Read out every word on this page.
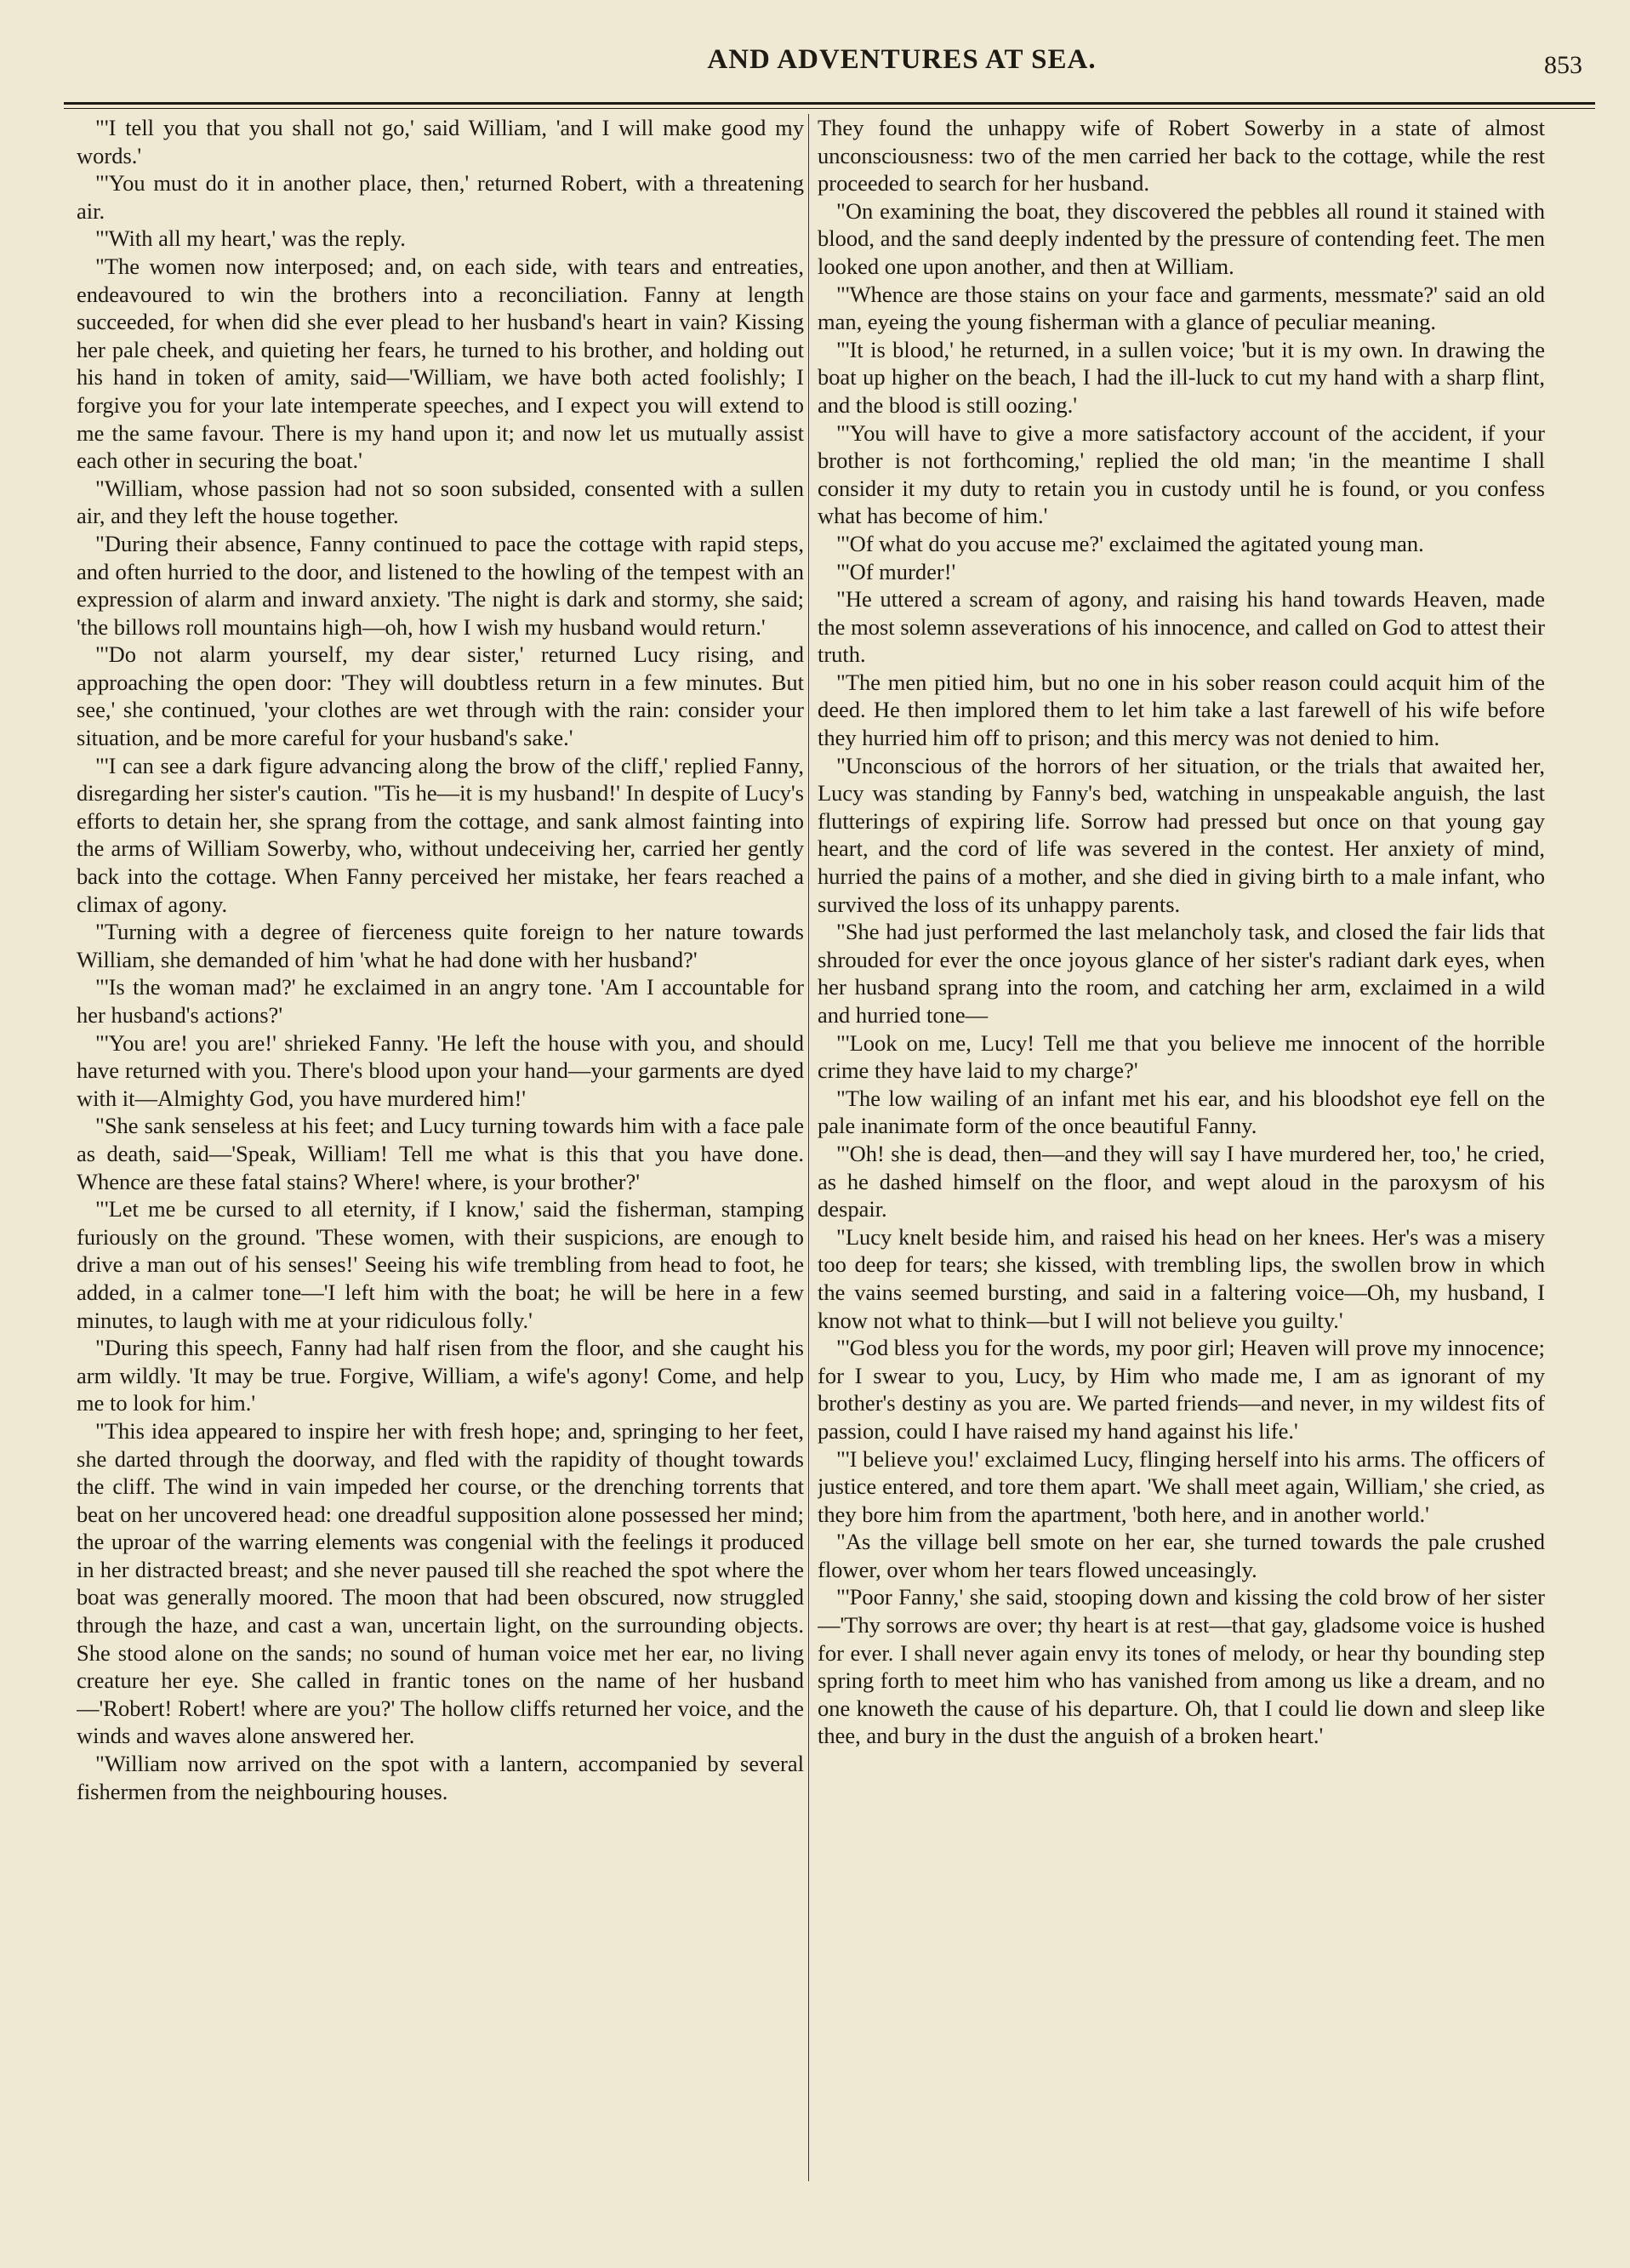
AND ADVENTURES AT SEA.	853

"'I tell you that you shall not go,' said William, 'and I will make good my words.'

"'You must do it in another place, then,' returned Robert, with a threatening air.

"'With all my heart,' was the reply.

"The women now interposed; and, on each side, with tears and entreaties, endeavoured to win the brothers into a reconciliation. Fanny at length succeeded, for when did she ever plead to her husband's heart in vain? Kissing her pale cheek, and quieting her fears, he turned to his brother, and holding out his hand in token of amity, said—'William, we have both acted foolishly; I forgive you for your late intemperate speeches, and I expect you will extend to me the same favour. There is my hand upon it; and now let us mutually assist each other in securing the boat.'

"William, whose passion had not so soon subsided, consented with a sullen air, and they left the house together.

"During their absence, Fanny continued to pace the cottage with rapid steps, and often hurried to the door, and listened to the howling of the tempest with an expression of alarm and inward anxiety. 'The night is dark and stormy, she said; 'the billows roll mountains high—oh, how I wish my husband would return.'

"'Do not alarm yourself, my dear sister,' returned Lucy rising, and approaching the open door: 'They will doubtless return in a few minutes. But see,' she continued, 'your clothes are wet through with the rain: consider your situation, and be more careful for your husband's sake.'

"'I can see a dark figure advancing along the brow of the cliff,' replied Fanny, disregarding her sister's caution. ''Tis he—it is my husband!' In despite of Lucy's efforts to detain her, she sprang from the cottage, and sank almost fainting into the arms of William Sowerby, who, without undeceiving her, carried her gently back into the cottage. When Fanny perceived her mistake, her fears reached a climax of agony.

"Turning with a degree of fierceness quite foreign to her nature towards William, she demanded of him 'what he had done with her husband?'

"'Is the woman mad?' he exclaimed in an angry tone. 'Am I accountable for her husband's actions?'

"'You are! you are!' shrieked Fanny. 'He left the house with you, and should have returned with you. There's blood upon your hand—your garments are dyed with it—Almighty God, you have murdered him!'

"She sank senseless at his feet; and Lucy turning towards him with a face pale as death, said—'Speak, William! Tell me what is this that you have done. Whence are these fatal stains? Where! where, is your brother?'

"'Let me be cursed to all eternity, if I know,' said the fisherman, stamping furiously on the ground. 'These women, with their suspicions, are enough to drive a man out of his senses!' Seeing his wife trembling from head to foot, he added, in a calmer tone—'I left him with the boat; he will be here in a few minutes, to laugh with me at your ridiculous folly.'

"During this speech, Fanny had half risen from the floor, and she caught his arm wildly. 'It may be true. Forgive, William, a wife's agony! Come, and help me to look for him.'

"This idea appeared to inspire her with fresh hope; and, springing to her feet, she darted through the doorway, and fled with the rapidity of thought towards the cliff. The wind in vain impeded her course, or the drenching torrents that beat on her uncovered head: one dreadful supposition alone possessed her mind; the uproar of the warring elements was congenial with the feelings it produced in her distracted breast; and she never paused till she reached the spot where the boat was generally moored. The moon that had been obscured, now struggled through the haze, and cast a wan, uncertain light, on the surrounding objects. She stood alone on the sands; no sound of human voice met her ear, no living creature her eye. She called in frantic tones on the name of her husband—'Robert! Robert! where are you?' The hollow cliffs returned her voice, and the winds and waves alone answered her.

"William now arrived on the spot with a lantern, accompanied by several fishermen from the neighbouring houses.

They found the unhappy wife of Robert Sowerby in a state of almost unconsciousness: two of the men carried her back to the cottage, while the rest proceeded to search for her husband.

"On examining the boat, they discovered the pebbles all round it stained with blood, and the sand deeply indented by the pressure of contending feet. The men looked one upon another, and then at William.

"'Whence are those stains on your face and garments, messmate?' said an old man, eyeing the young fisherman with a glance of peculiar meaning.

"'It is blood,' he returned, in a sullen voice; 'but it is my own. In drawing the boat up higher on the beach, I had the ill-luck to cut my hand with a sharp flint, and the blood is still oozing.'

"'You will have to give a more satisfactory account of the accident, if your brother is not forthcoming,' replied the old man; 'in the meantime I shall consider it my duty to retain you in custody until he is found, or you confess what has become of him.'

"'Of what do you accuse me?' exclaimed the agitated young man.

"'Of murder!'

"He uttered a scream of agony, and raising his hand towards Heaven, made the most solemn asseverations of his innocence, and called on God to attest their truth.

"The men pitied him, but no one in his sober reason could acquit him of the deed. He then implored them to let him take a last farewell of his wife before they hurried him off to prison; and this mercy was not denied to him.

"Unconscious of the horrors of her situation, or the trials that awaited her, Lucy was standing by Fanny's bed, watching in unspeakable anguish, the last flutterings of expiring life. Sorrow had pressed but once on that young gay heart, and the cord of life was severed in the contest. Her anxiety of mind, hurried the pains of a mother, and she died in giving birth to a male infant, who survived the loss of its unhappy parents.

"She had just performed the last melancholy task, and closed the fair lids that shrouded for ever the once joyous glance of her sister's radiant dark eyes, when her husband sprang into the room, and catching her arm, exclaimed in a wild and hurried tone—

"'Look on me, Lucy! Tell me that you believe me innocent of the horrible crime they have laid to my charge?'

"The low wailing of an infant met his ear, and his bloodshot eye fell on the pale inanimate form of the once beautiful Fanny.

"'Oh! she is dead, then—and they will say I have murdered her, too,' he cried, as he dashed himself on the floor, and wept aloud in the paroxysm of his despair.

"Lucy knelt beside him, and raised his head on her knees. Her's was a misery too deep for tears; she kissed, with trembling lips, the swollen brow in which the vains seemed bursting, and said in a faltering voice—Oh, my husband, I know not what to think—but I will not believe you guilty.'

"'God bless you for the words, my poor girl; Heaven will prove my innocence; for I swear to you, Lucy, by Him who made me, I am as ignorant of my brother's destiny as you are. We parted friends—and never, in my wildest fits of passion, could I have raised my hand against his life.'

"'I believe you!' exclaimed Lucy, flinging herself into his arms. The officers of justice entered, and tore them apart. 'We shall meet again, William,' she cried, as they bore him from the apartment, 'both here, and in another world.'

"As the village bell smote on her ear, she turned towards the pale crushed flower, over whom her tears flowed unceasingly.

"'Poor Fanny,' she said, stooping down and kissing the cold brow of her sister—'Thy sorrows are over; thy heart is at rest—that gay, gladsome voice is hushed for ever. I shall never again envy its tones of melody, or hear thy bounding step spring forth to meet him who has vanished from among us like a dream, and no one knoweth the cause of his departure. Oh, that I could lie down and sleep like thee, and bury in the dust the anguish of a broken heart.'
